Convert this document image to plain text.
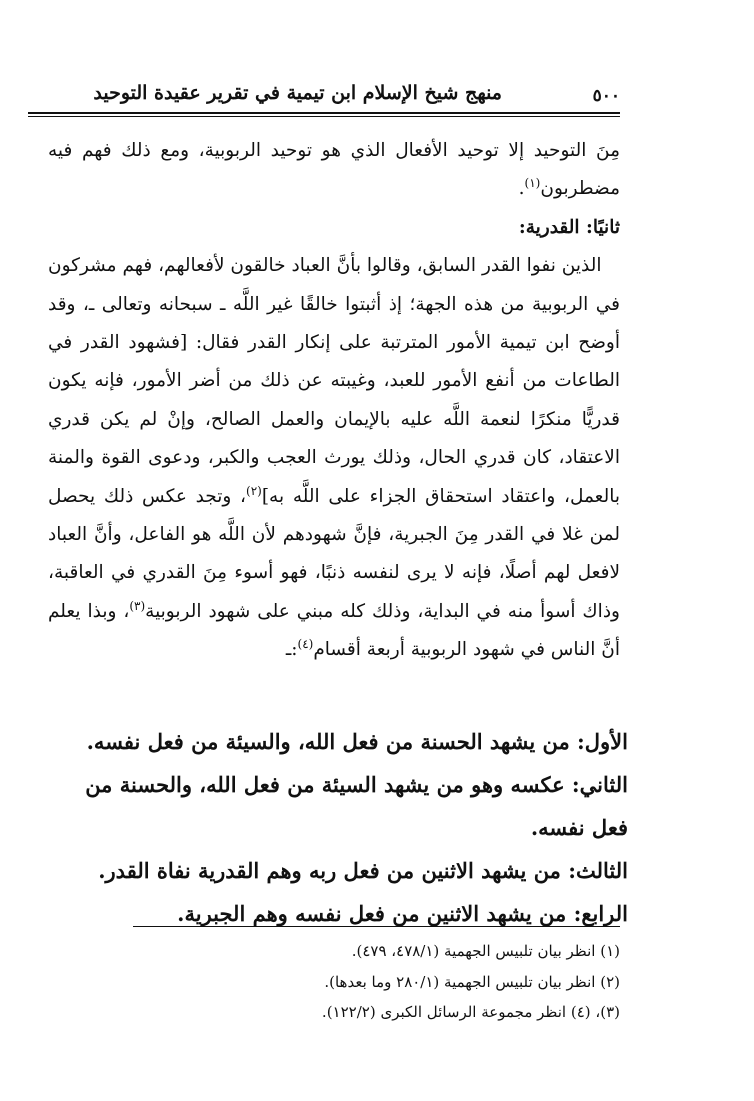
منهج شيخ الإسلام ابن تيمية في تقرير عقيدة التوحيد	٥٠٠

مِنَ التوحيد إلا توحيد الأفعال الذي هو توحيد الربوبية، ومع ذلك فهم فيه مضطربون$^{(١)}$.

ثانيًا: القدرية:

 الذين نفوا القدر السابق، وقالوا بأنَّ العباد خالقون لأفعالهم، فهم مشركون في الربوبية من هذه الجهة؛ إذ أثبتوا خالقًا غير اللَّه ـ سبحانه وتعالى ـ، وقد أوضح ابن تيمية الأمور المترتبة على إنكار القدر فقال: [فشهود القدر في الطاعات من أنفع الأمور للعبد، وغيبته عن ذلك من أضر الأمور، فإنه يكون قدريًّا منكرًا لنعمة اللَّه عليه بالإيمان والعمل الصالح، وإنْ لم يكن قدري الاعتقاد، كان قدري الحال، وذلك يورث العجب والكبر، ودعوى القوة والمنة بالعمل، واعتقاد استحقاق الجزاء على اللَّه به]$^{(٢)}$، وتجد عكس ذلك يحصل لمن غلا في القدر مِنَ الجبرية، فإنَّ شهودهم لأن اللَّه هو الفاعل، وأنَّ العباد لافعل لهم أصلًا، فإنه لا يرى لنفسه ذنبًا، فهو أسوء مِنَ القدري في العاقبة، وذاك أسوأ منه في البداية، وذلك كله مبني على شهود الربوبية$^{(٣)}$، وبذا يعلم أنَّ الناس في شهود الربوبية أربعة أقسام$^{(٤)}$:ـ

الأول: من يشهد الحسنة من فعل الله، والسيئة من فعل نفسه.

الثاني: عكسه وهو من يشهد السيئة من فعل الله، والحسنة من فعل نفسه.

الثالث: من يشهد الاثنين من فعل ربه وهم القدرية نفاة القدر.

الرابع: من يشهد الاثنين من فعل نفسه وهم الجبرية.

(١) انظر بيان تلبيس الجهمية (٤٧٨/١، ٤٧٩).

(٢) انظر بيان تلبيس الجهمية (٢٨٠/١ وما بعدها).

(٣)، (٤) انظر مجموعة الرسائل الكبرى (١٢٢/٢).
